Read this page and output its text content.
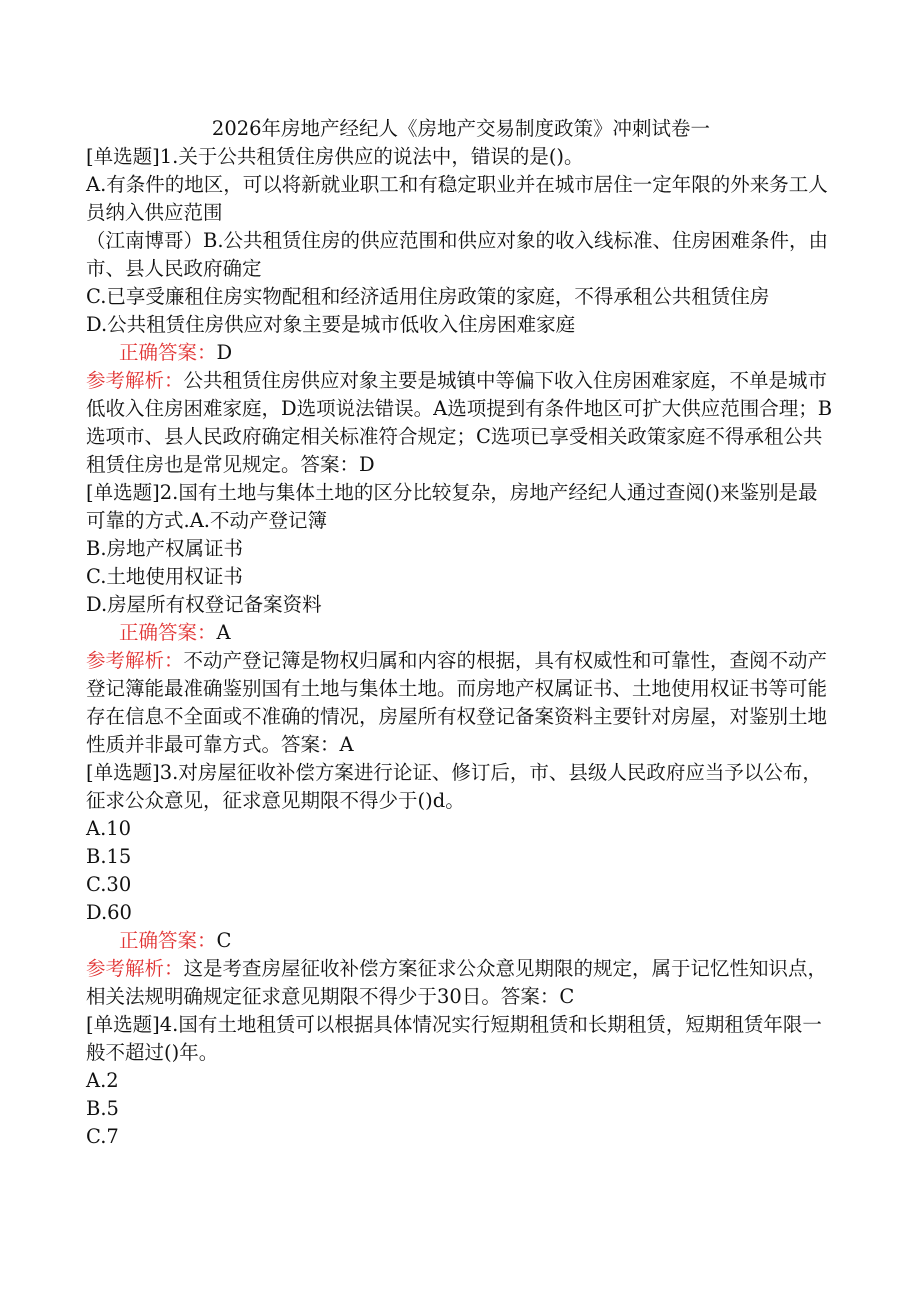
2026年房地产经纪人《房地产交易制度政策》冲刺试卷一

[单选题]1.关于公共租赁住房供应的说法中，错误的是()。

A.有条件的地区，可以将新就业职工和有稳定职业并在城市居住一定年限的外来务工人员纳入供应范围

（江南博哥）B.公共租赁住房的供应范围和供应对象的收入线标准、住房困难条件，由市、县人民政府确定

C.已享受廉租住房实物配租和经济适用住房政策的家庭，不得承租公共租赁住房

D.公共租赁住房供应对象主要是城市低收入住房困难家庭

正确答案：D

参考解析：公共租赁住房供应对象主要是城镇中等偏下收入住房困难家庭，不单是城市低收入住房困难家庭，D选项说法错误。A选项提到有条件地区可扩大供应范围合理；B选项市、县人民政府确定相关标准符合规定；C选项已享受相关政策家庭不得承租公共租赁住房也是常见规定。答案：D

[单选题]2.国有土地与集体土地的区分比较复杂，房地产经纪人通过查阅()来鉴别是最可靠的方式.A.不动产登记簿

B.房地产权属证书

C.土地使用权证书

D.房屋所有权登记备案资料

正确答案：A

参考解析：不动产登记簿是物权归属和内容的根据，具有权威性和可靠性，查阅不动产登记簿能最准确鉴别国有土地与集体土地。而房地产权属证书、土地使用权证书等可能存在信息不全面或不准确的情况，房屋所有权登记备案资料主要针对房屋，对鉴别土地性质并非最可靠方式。答案：A

[单选题]3.对房屋征收补偿方案进行论证、修订后，市、县级人民政府应当予以公布，征求公众意见，征求意见期限不得少于()d。

A.10

B.15

C.30

D.60

正确答案：C

参考解析：这是考查房屋征收补偿方案征求公众意见期限的规定，属于记忆性知识点，相关法规明确规定征求意见期限不得少于30日。答案：C

[单选题]4.国有土地租赁可以根据具体情况实行短期租赁和长期租赁，短期租赁年限一般不超过()年。

A.2

B.5

C.7
